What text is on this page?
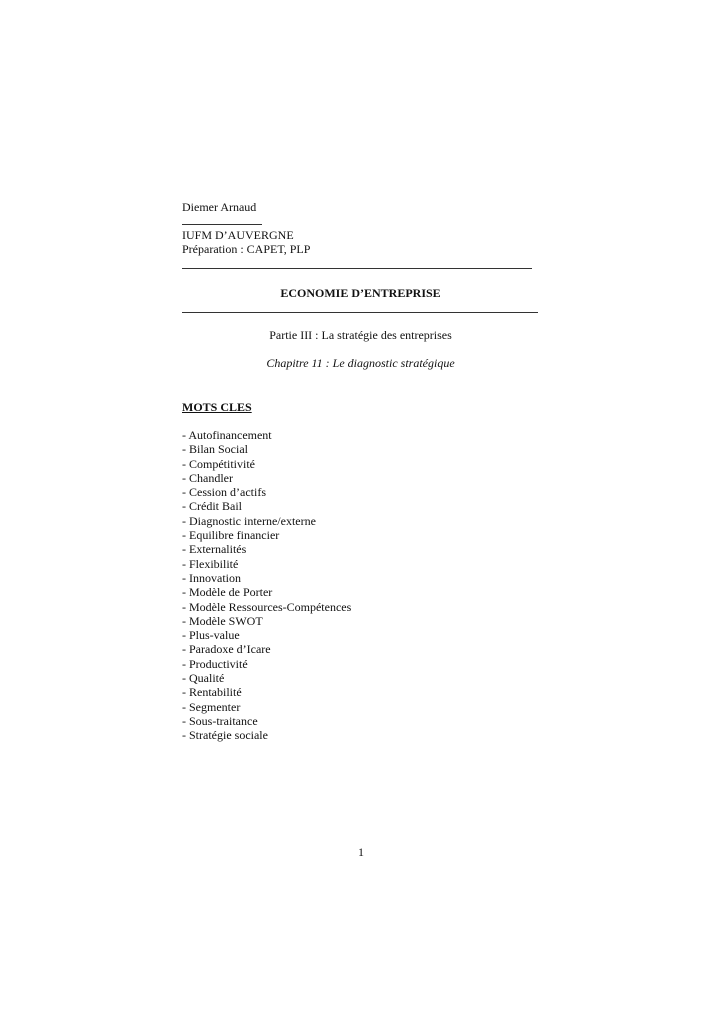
Diemer Arnaud
IUFM D’AUVERGNE
Préparation : CAPET, PLP
ECONOMIE D’ENTREPRISE
Partie III : La stratégie des entreprises
Chapitre 11 : Le diagnostic stratégique
MOTS CLES
- Autofinancement
- Bilan Social
- Compétitivité
- Chandler
- Cession d’actifs
- Crédit Bail
- Diagnostic interne/externe
- Equilibre financier
- Externalités
- Flexibilité
- Innovation
- Modèle de Porter
- Modèle Ressources-Compétences
- Modèle SWOT
- Plus-value
- Paradoxe d’Icare
- Productivité
- Qualité
- Rentabilité
- Segmenter
- Sous-traitance
- Stratégie sociale
1
